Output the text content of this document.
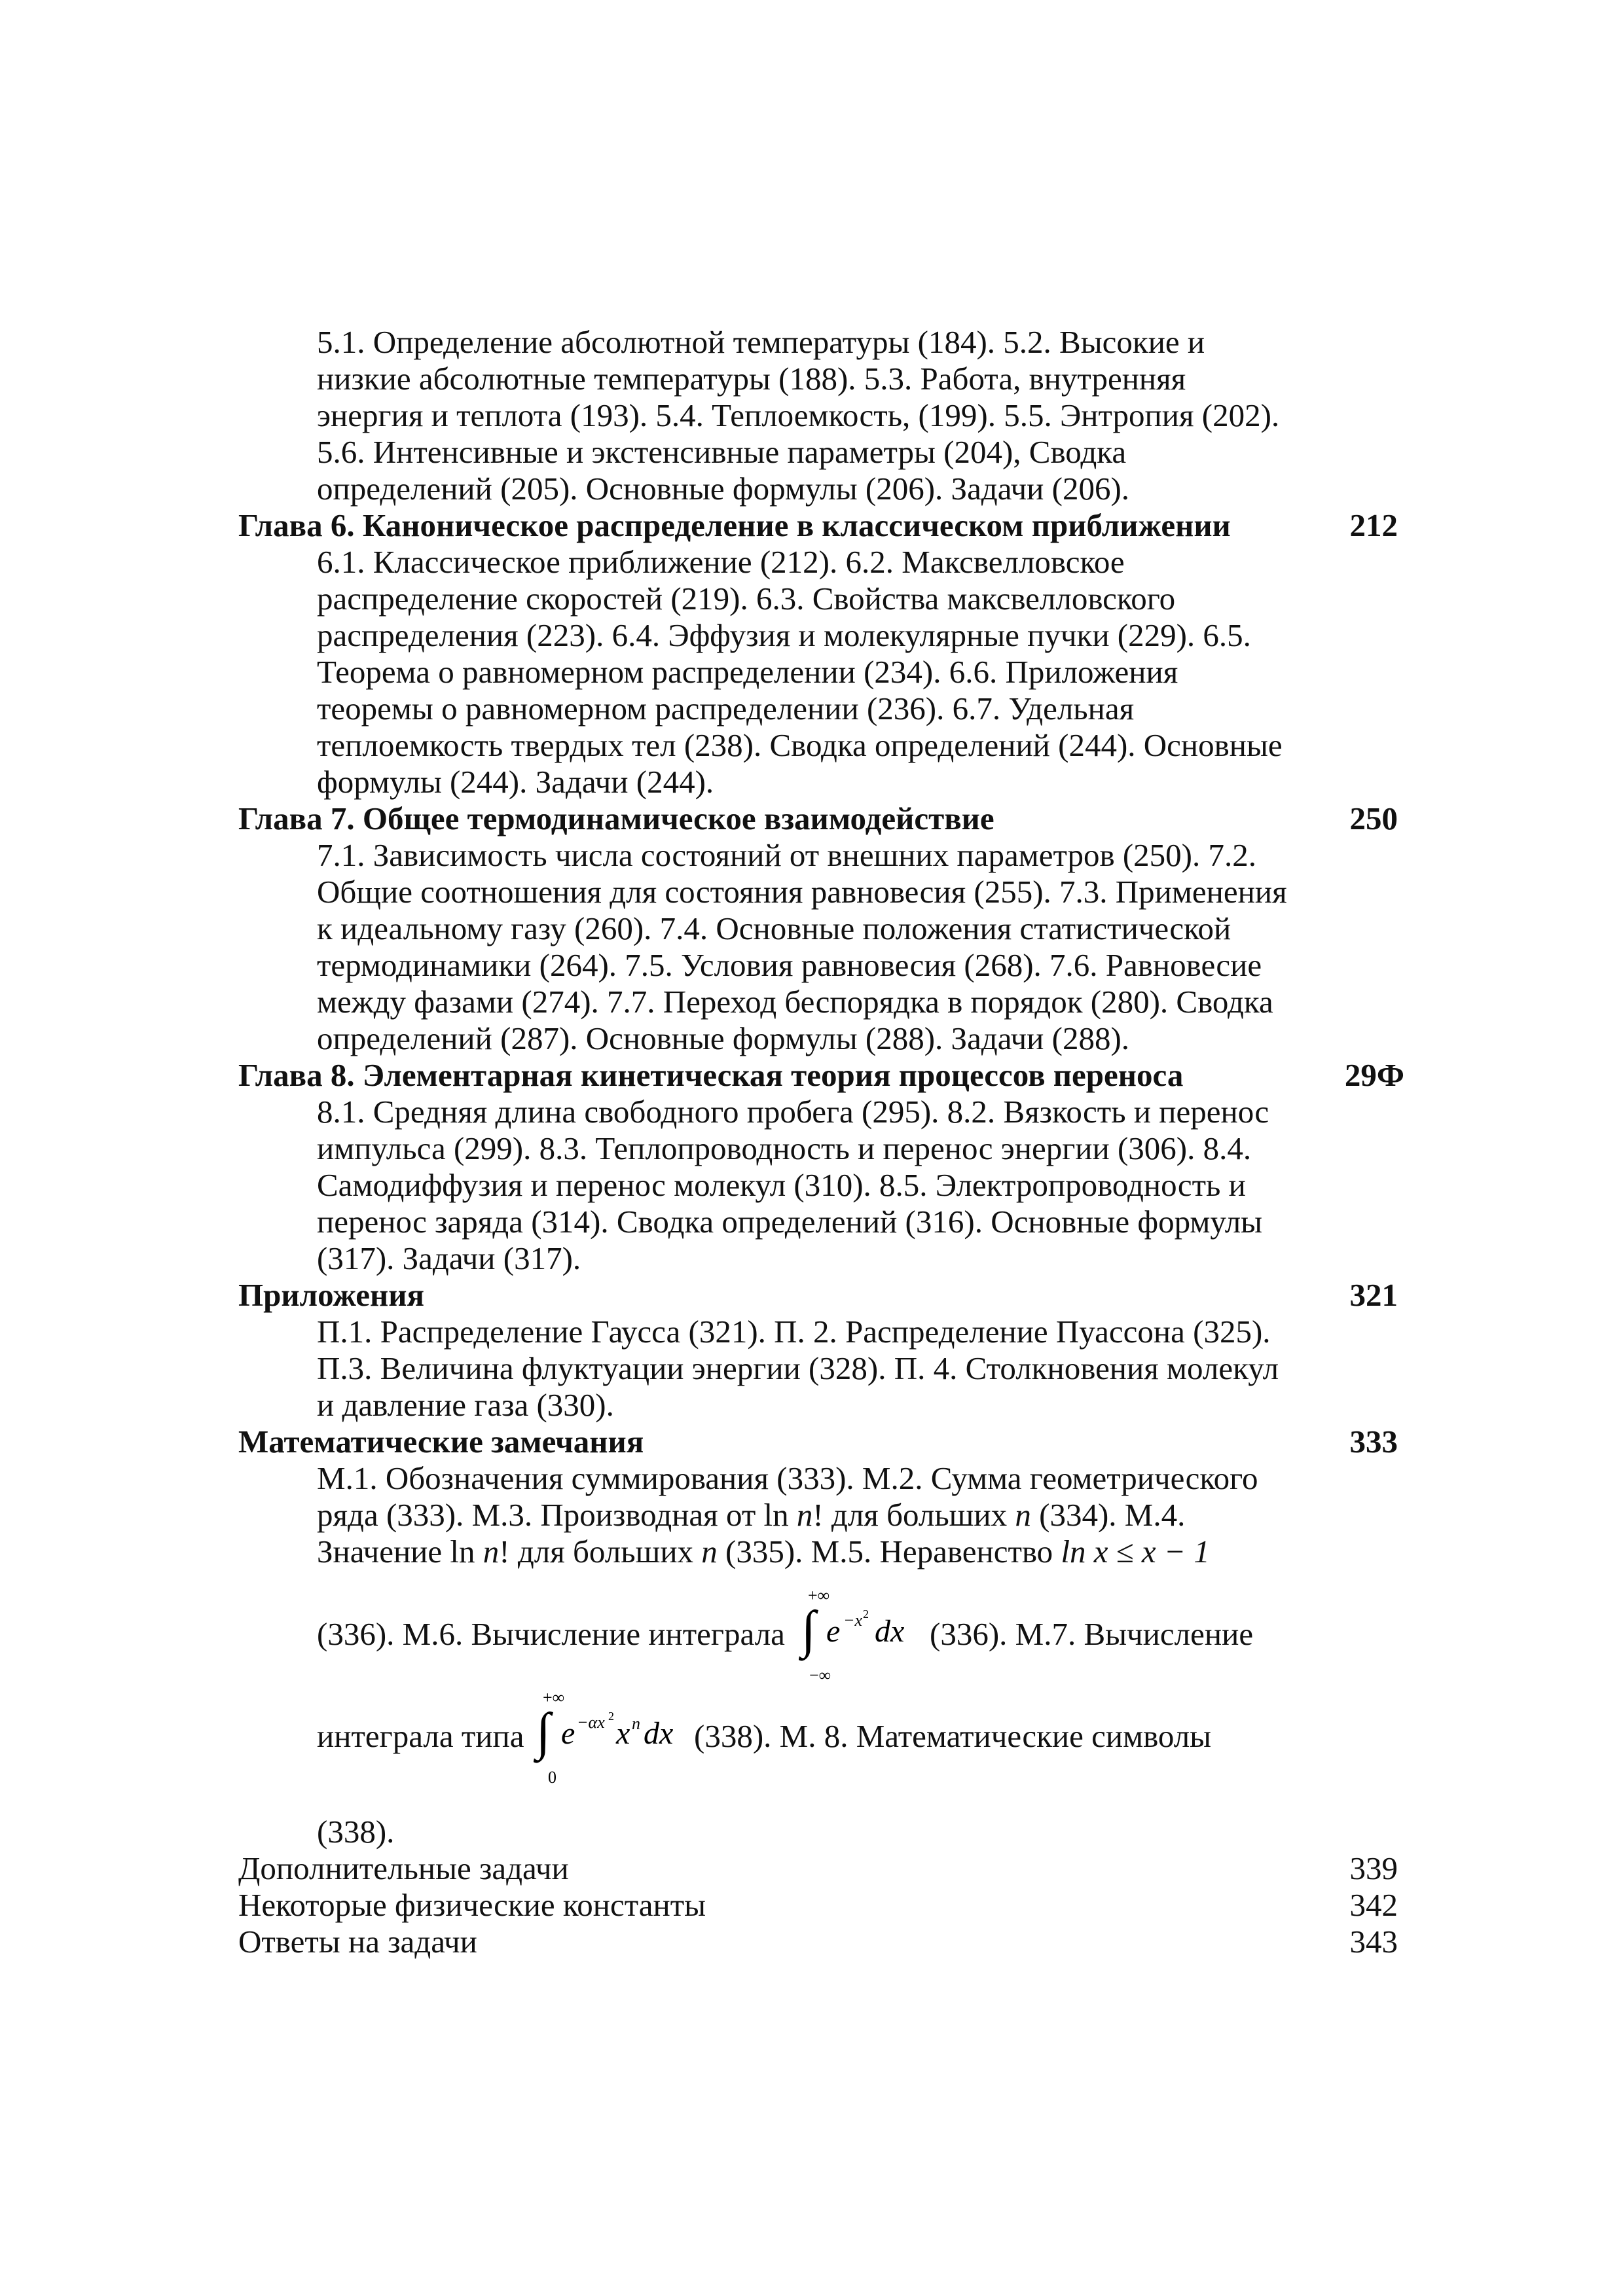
5.1. Определение абсолютной температуры (184). 5.2. Высокие и
низкие абсолютные температуры (188). 5.3. Работа, внутренняя
энергия и теплота (193). 5.4. Теплоемкость, (199). 5.5. Энтропия (202).
5.6. Интенсивные и экстенсивные параметры (204), Сводка
определений (205). Основные формулы (206). Задачи (206).
Глава 6. Каноническое распределение в классическом приближении	212
6.1. Классическое приближение (212). 6.2. Максвелловское
распределение скоростей (219). 6.3. Свойства максвелловского
распределения (223). 6.4. Эффузия и молекулярные пучки (229). 6.5.
Теорема о равномерном распределении (234). 6.6. Приложения
теоремы о равномерном распределении (236). 6.7. Удельная
теплоемкость твердых тел (238). Сводка определений (244). Основные
формулы (244). Задачи (244).
Глава 7. Общее термодинамическое взаимодействие	250
7.1. Зависимость числа состояний от внешних параметров (250). 7.2.
Общие соотношения для состояния равновесия (255). 7.3. Применения
к идеальному газу (260). 7.4. Основные положения статистической
термодинамики (264). 7.5. Условия равновесия (268). 7.6. Равновесие
между фазами (274). 7.7. Переход беспорядка в порядок (280). Сводка
определений (287). Основные формулы (288). Задачи (288).
Глава 8. Элементарная кинетическая теория процессов переноса	29Ф
8.1. Средняя длина свободного пробега (295). 8.2. Вязкость и перенос
импульса (299). 8.3. Теплопроводность и перенос энергии (306). 8.4.
Самодиффузия и перенос молекул (310). 8.5. Электропроводность и
перенос заряда (314). Сводка определений (316). Основные формулы
(317). Задачи (317).
Приложения	321
П.1. Распределение Гаусса (321). П. 2. Распределение Пуассона (325).
П.3. Величина флуктуации энергии (328). П. 4. Столкновения молекул
и давление газа (330).
Математические замечания	333
М.1. Обозначения суммирования (333). М.2. Сумма геометрического
ряда (333). М.3. Производная от ln n! для больших n (334). М.4.
Значение ln n! для больших n (335). М.5. Неравенство ln x ≤ x − 1
(336). М.6. Вычисление интеграла
+∞
∫ e −x 2 dx
−∞
(336). М.7. Вычисление
интеграла типа
+∞
∫ e −αx 2 x n dx
0
(338). М. 8. Математические символы
(338).
Дополнительные задачи	339
Некоторые физические константы	342
Ответы на задачи	343
